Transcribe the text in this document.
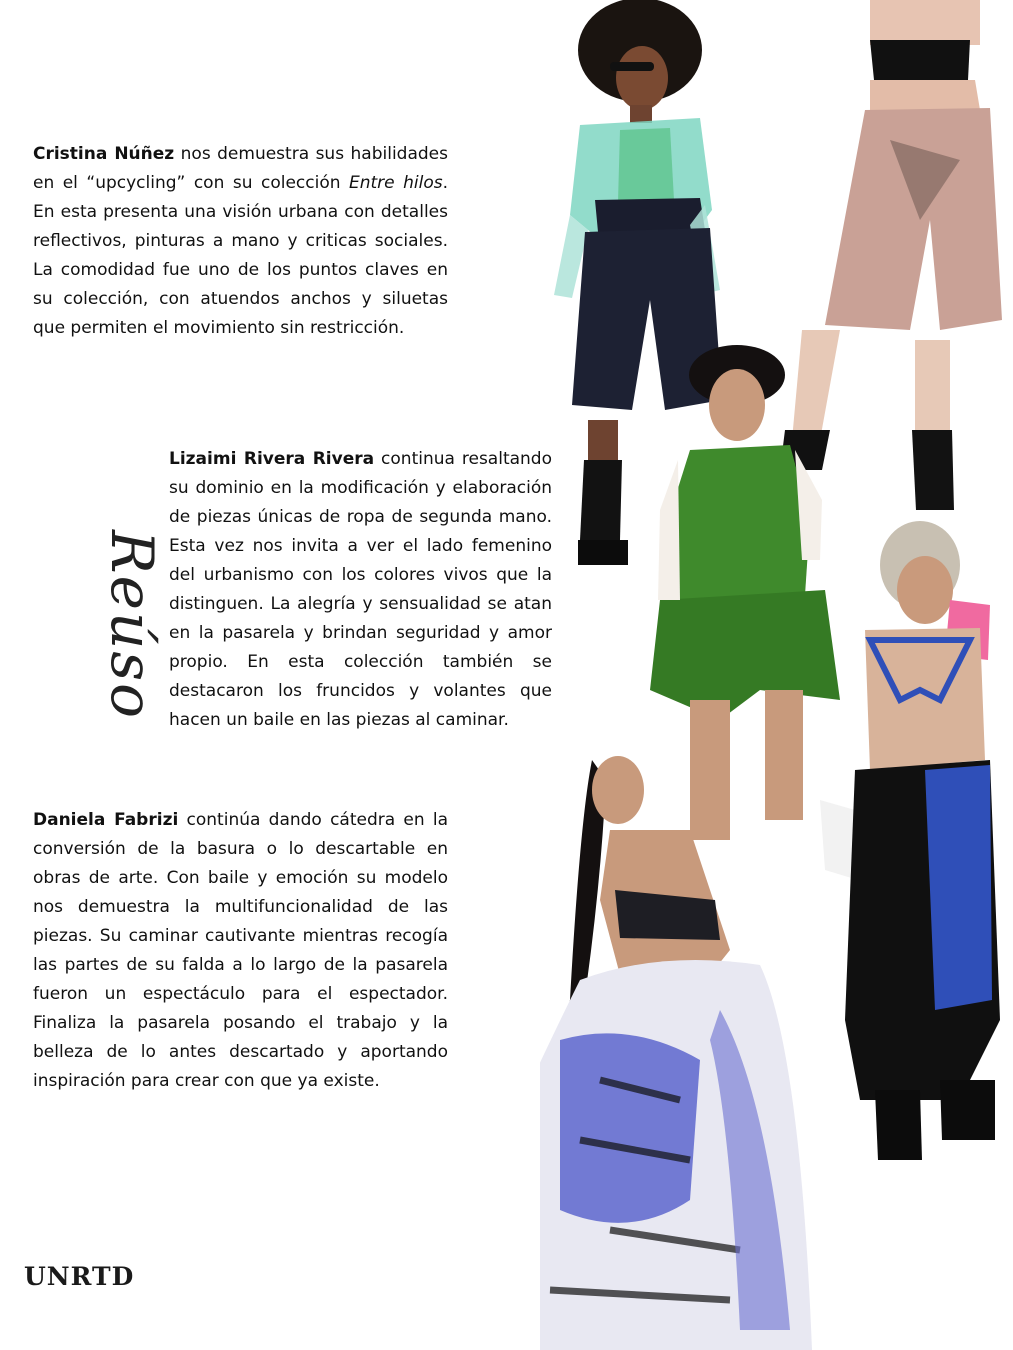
Cristina Núñez nos demuestra sus habilidades en el “upcycling” con su colección Entre hilos. En esta presenta una visión urbana con detalles reflectivos, pinturas a mano y criticas sociales. La comodidad fue uno de los puntos claves en su colección, con atuendos anchos y siluetas que permiten el movimiento sin restricción.
Lizaimi Rivera Rivera continua resaltando su dominio en la modificación y elaboración de piezas únicas de ropa de segunda mano. Esta vez nos invita a ver el lado femenino del urbanismo con los colores vivos que la distinguen. La alegría y sensualidad se atan en la pasarela y brindan seguridad y amor propio. En esta colección también se destacaron los fruncidos y volantes que hacen un baile en las piezas al caminar.
Daniela Fabrizi continúa dando cátedra en la conversión de la basura o lo descartable en obras de arte. Con baile y emoción su modelo nos demuestra la multifuncionalidad de las piezas. Su caminar cautivante mientras recogía las partes de su falda a lo largo de la pasarela fueron un espectáculo para el espectador. Finaliza la pasarela posando el trabajo y la belleza de lo antes descartado y aportando inspiración para crear con que ya existe.
Reúso
UNRTD
